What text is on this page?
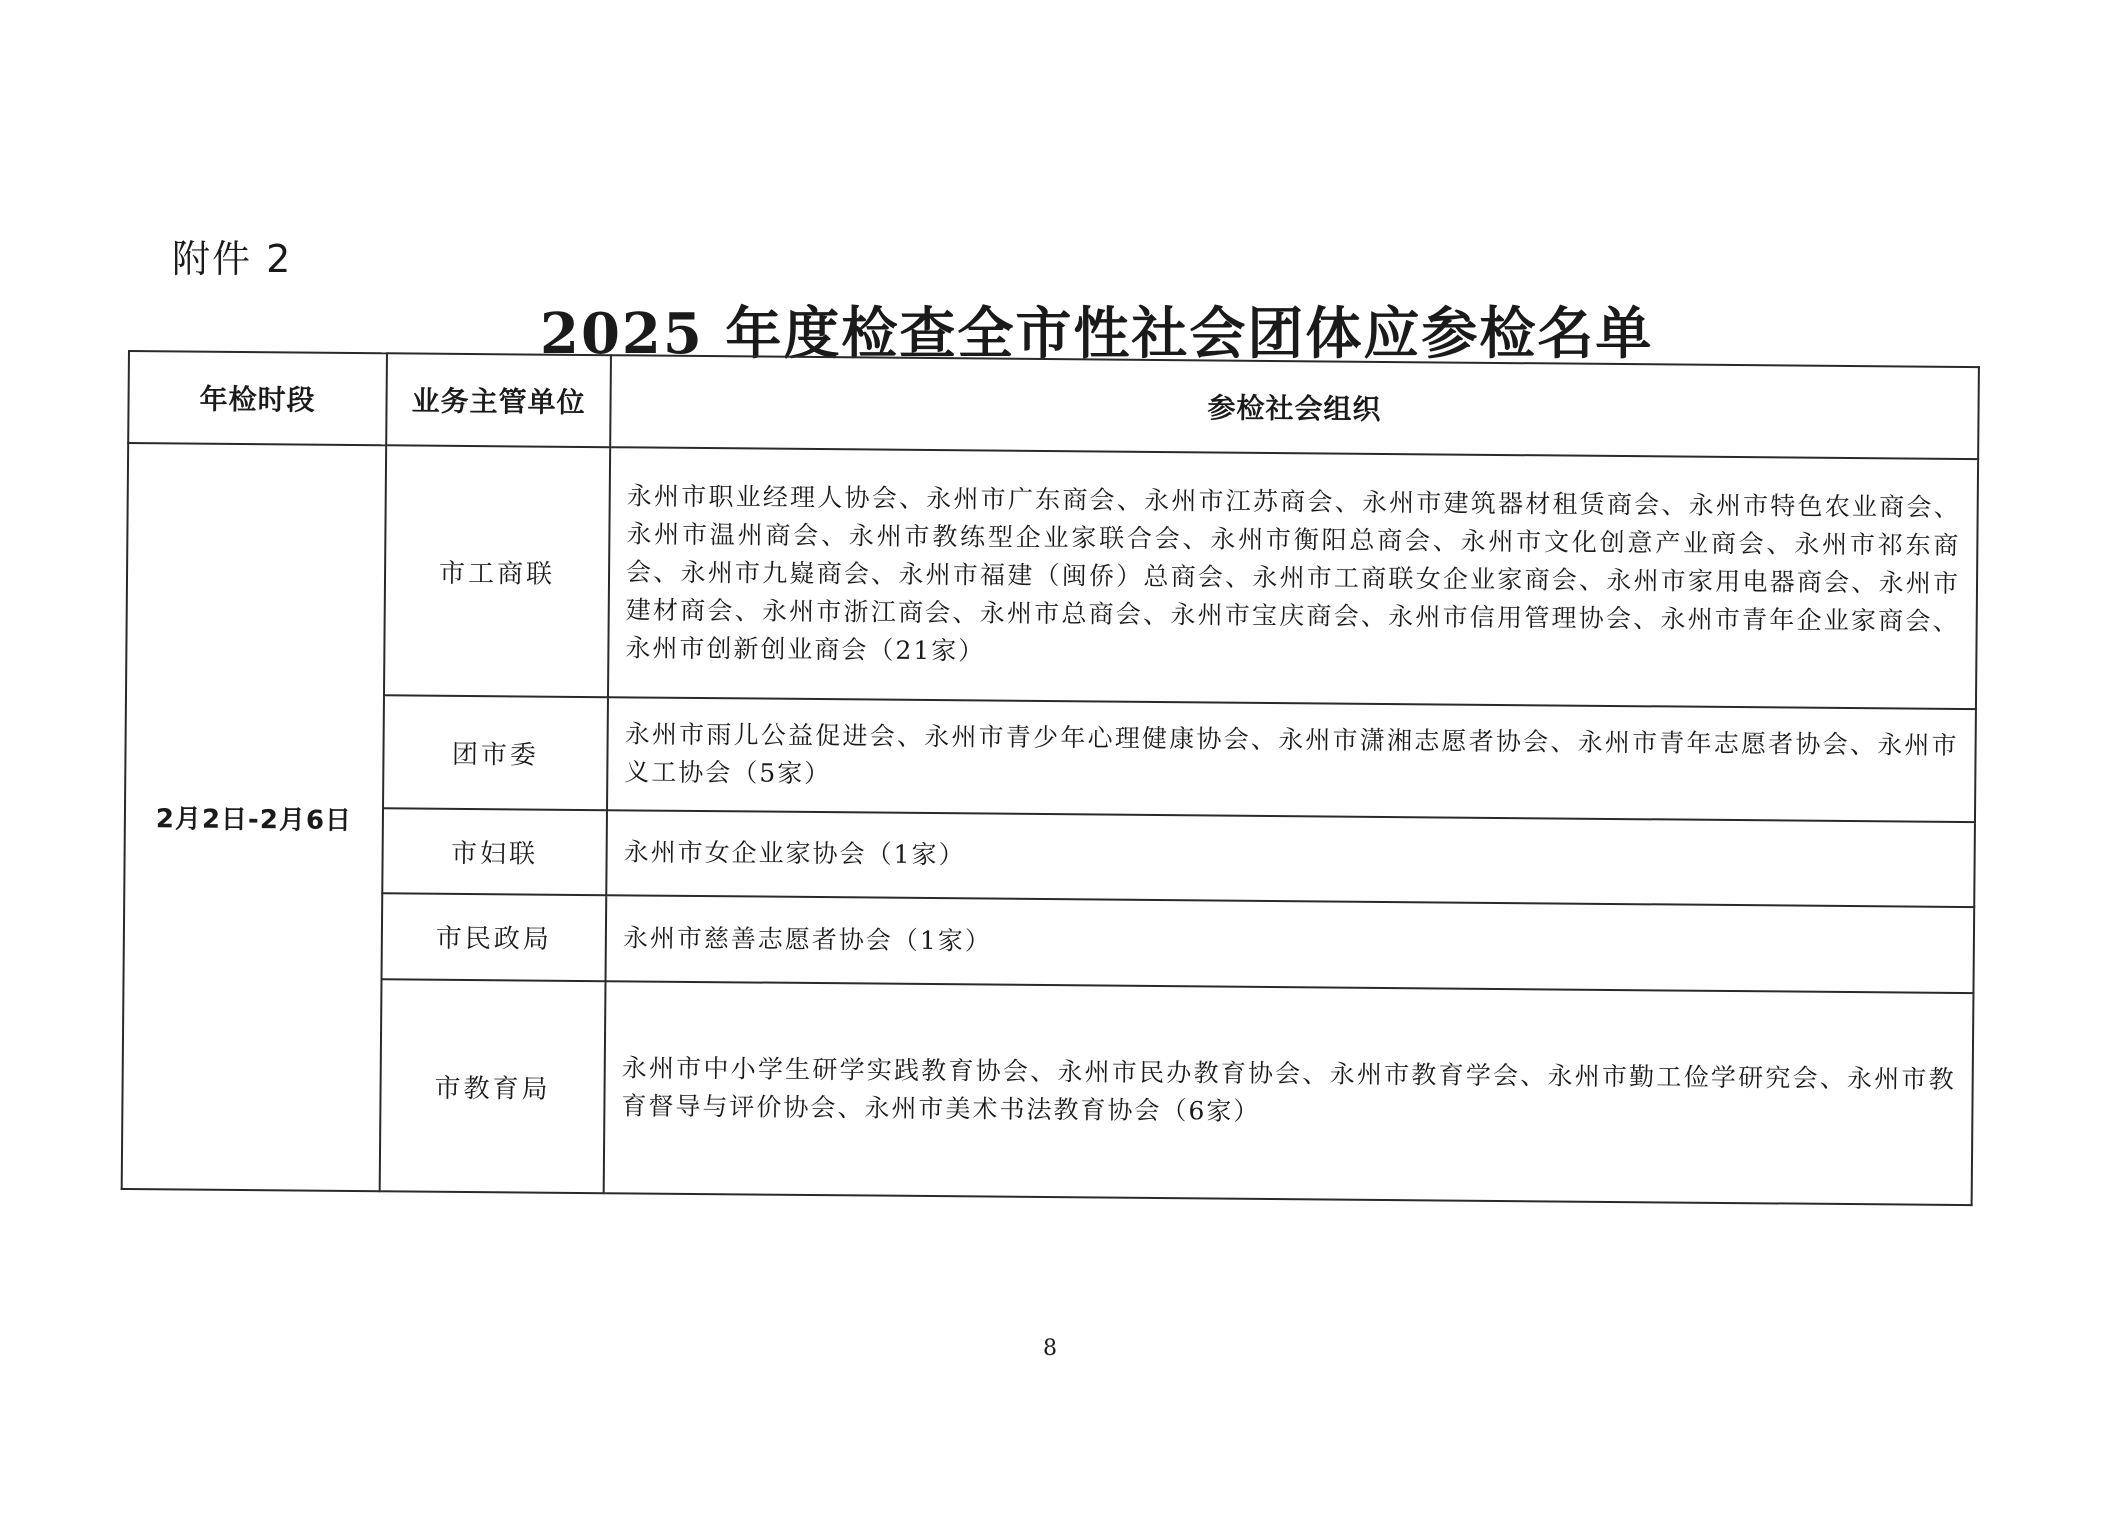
附件 2
2025 年度检查全市性社会团体应参检名单
年检时段	业务主管单位	参检社会组织
2月2日-2月6日	市工商联	永州市职业经理人协会、永州市广东商会、永州市江苏商会、永州市建筑器材租赁商会、永州市特色农业商会、永州市温州商会、永州市教练型企业家联合会、永州市衡阳总商会、永州市文化创意产业商会、永州市祁东商会、永州市九嶷商会、永州市福建（闽侨）总商会、永州市工商联女企业家商会、永州市家用电器商会、永州市建材商会、永州市浙江商会、永州市总商会、永州市宝庆商会、永州市信用管理协会、永州市青年企业家商会、永州市创新创业商会（21家）
	团市委	永州市雨儿公益促进会、永州市青少年心理健康协会、永州市潇湘志愿者协会、永州市青年志愿者协会、永州市义工协会（5家）
	市妇联	永州市女企业家协会（1家）
	市民政局	永州市慈善志愿者协会（1家）
	市教育局	永州市中小学生研学实践教育协会、永州市民办教育协会、永州市教育学会、永州市勤工俭学研究会、永州市教育督导与评价协会、永州市美术书法教育协会（6家）
8
